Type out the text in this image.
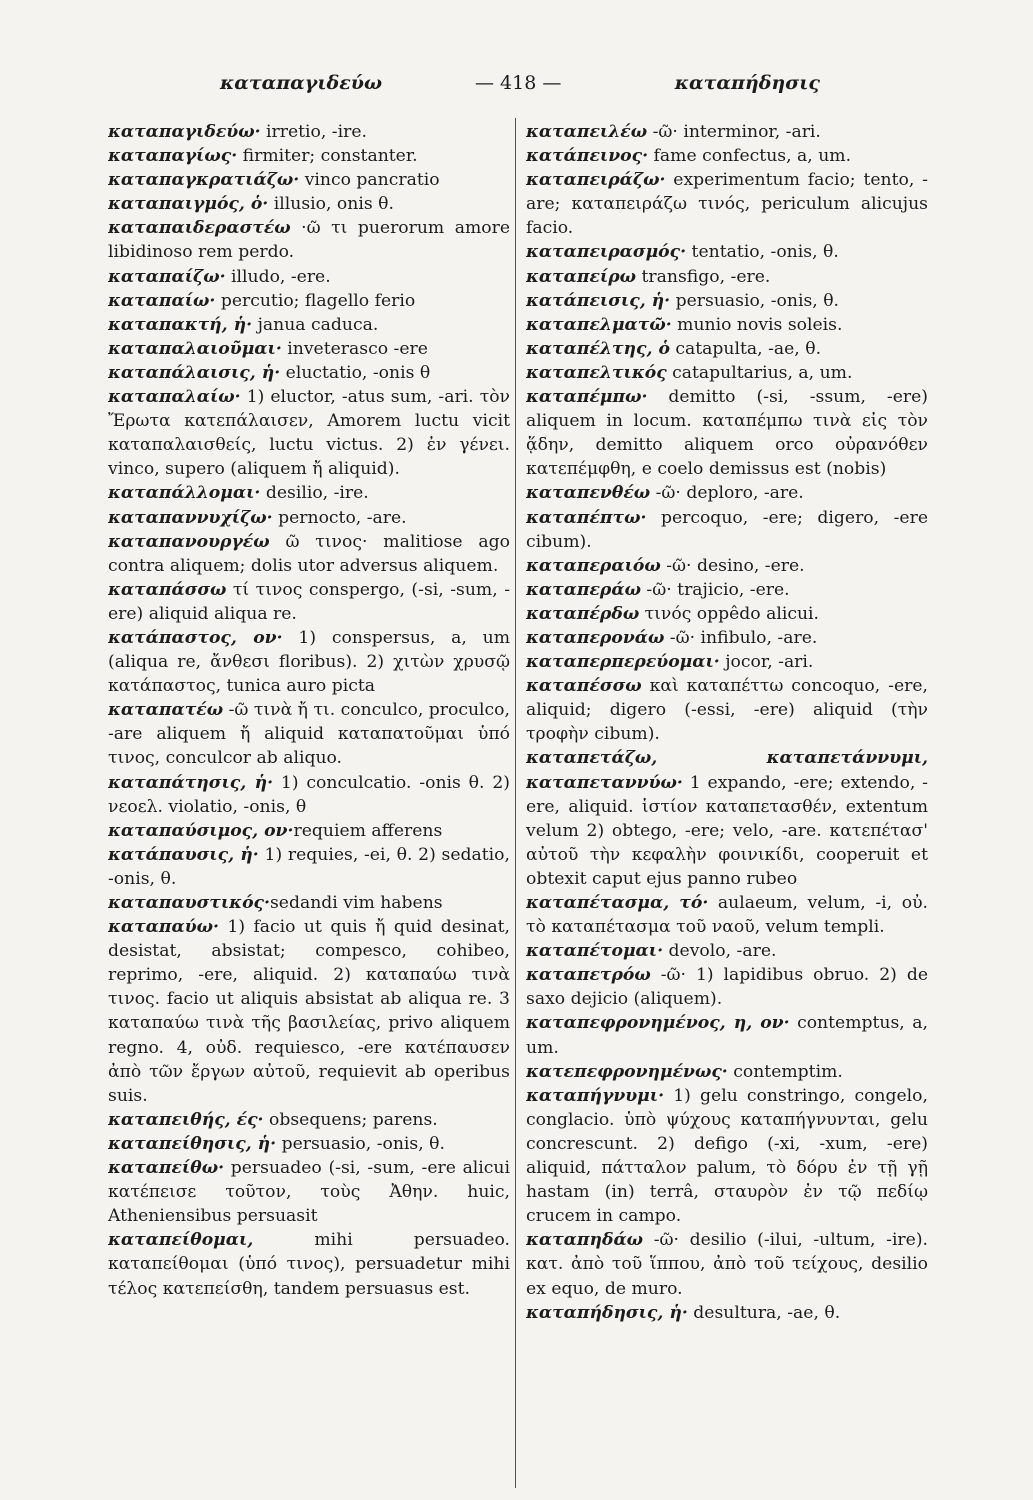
καταπαγιδεύω	— 418 —	καταπήδησις

καταπαγιδεύω· irretio, -ire.

καταπαγίως· firmiter; constanter.

καταπαγκρατιάζω· vinco pancratio

καταπαιγμός, ὁ· illusio, onis θ.

καταπαιδεραστέω ·ῶ τι puerorum amore libidinoso rem perdo.

καταπαίζω· illudo, -ere.

καταπαίω· percutio; flagello ferio

καταπακτή, ἡ· janua caduca.

καταπαλαιοῦμαι· inveterasco -ere

καταπάλαισις, ἡ· eluctatio, -onis θ

καταπαλαίω· 1) eluctor, -atus sum, -ari. τὸν Ἔρωτα κατεπάλαισεν, Amorem luctu vicit καταπαλαισθείς, luctu victus. 2) ἐν γένει. vinco, supero (aliquem ἤ aliquid).

καταπάλλομαι· desilio, -ire.

καταπαννυχίζω· pernocto, -are.

καταπανουργέω ῶ τινος· malitiose ago contra aliquem; dolis utor adversus aliquem.

καταπάσσω τί τινος conspergo, (-si, -sum, -ere) aliquid aliqua re.

κατάπαστος, ον· 1) conspersus, a, um (aliqua re, ἄνθεσι floribus). 2) χιτὼν χρυσῷ κατάπαστος, tunica auro picta

καταπατέω -ῶ τινὰ ἤ τι. conculco, proculco, -are aliquem ἤ aliquid καταπατοῦμαι ὑπό τινος, conculcor ab aliquo.

καταπάτησις, ἡ· 1) conculcatio. -onis θ. 2) νεοελ. violatio, -onis, θ

καταπαύσιμος, ον·requiem afferens

κατάπαυσις, ἡ· 1) requies, -ei, θ. 2) sedatio, -onis, θ.

καταπαυστικός·sedandi vim habens

καταπαύω· 1) facio ut quis ἤ quid desinat, desistat, absistat; compesco, cohibeo, reprimo, -ere, aliquid. 2) καταπαύω τινὰ τινος. facio ut aliquis absistat ab aliqua re. 3 καταπαύω τινὰ τῆς βασιλείας, privo aliquem regno. 4, οὐδ. requiesco, -ere κατέπαυσεν ἀπὸ τῶν ἔργων αὐτοῦ, requievit ab operibus suis.

καταπειθής, ές· obsequens; parens.

καταπείθησις, ἡ· persuasio, -onis, θ.

καταπείθω· persuadeo (-si, -sum, -ere alicui κατέπεισε τοῦτον, τοὺς Ἀθην. huic, Atheniensibus persuasit

καταπείθομαι, mihi persuadeo. καταπείθομαι (ὑπό τινος), persuadetur mihi τέλος κατεπείσθη, tandem persuasus est.

καταπειλέω -ῶ· interminor, -ari.

κατάπεινος· fame confectus, a, um.

καταπειράζω· experimentum facio; tento, -are; καταπειράζω τινός, periculum alicujus facio.

καταπειρασμός· tentatio, -onis, θ.

καταπείρω transfigo, -ere.

κατάπεισις, ἡ· persuasio, -onis, θ.

καταπελματῶ· munio novis soleis.

καταπέλτης, ὁ catapulta, -ae, θ.

καταπελτικός catapultarius, a, um.

καταπέμπω· demitto (-si, -ssum, -ere) aliquem in locum. καταπέμπω τινὰ εἰς τὸν ᾅδην, demitto aliquem orco οὐρανόθεν κατεπέμφθη, e coelo demissus est (nobis)

καταπενθέω -ῶ· deploro, -are.

καταπέπτω· percoquo, -ere; digero, -ere cibum).

καταπεραιόω -ῶ· desino, -ere.

καταπεράω -ῶ· trajicio, -ere.

καταπέρδω τινός oppêdo alicui.

καταπερονάω -ῶ· infibulo, -are.

καταπερπερεύομαι· jocor, -ari.

καταπέσσω καὶ καταπέττω concoquo, -ere, aliquid; digero (-essi, -ere) aliquid (τὴν τροφὴν cibum).

καταπετάζω, καταπετάννυμι, καταπεταννύω· 1 expando, -ere; extendo, -ere, aliquid. ἱστίον καταπετασθέν, extentum velum 2) obtego, -ere; velo, -are. κατεπέτασ' αὐτοῦ τὴν κεφαλὴν φοινικίδι, cooperuit et obtexit caput ejus panno rubeo

καταπέτασμα, τό· aulaeum, velum, -i, οὐ. τὸ καταπέτασμα τοῦ ναοῦ, velum templi.

καταπέτομαι· devolo, -are.

καταπετρόω -ῶ· 1) lapidibus obruo. 2) de saxo dejicio (aliquem).

καταπεφρονημένος, η, ον· contemptus, a, um.

κατεπεφρονημένως· contemptim.

καταπήγνυμι· 1) gelu constringo, congelo, conglacio. ὑπὸ ψύχους καταπήγνυνται, gelu concrescunt. 2) defigo (-xi, -xum, -ere) aliquid, πάτταλον palum, τὸ δόρυ ἐν τῇ γῇ hastam (in) terrâ, σταυρὸν ἐν τῷ πεδίῳ crucem in campo.

καταπηδάω -ῶ· desilio (-ilui, -ultum, -ire). κατ. ἀπὸ τοῦ ἵππου, ἀπὸ τοῦ τείχους, desilio ex equo, de muro.

καταπήδησις, ἡ· desultura, -ae, θ.
